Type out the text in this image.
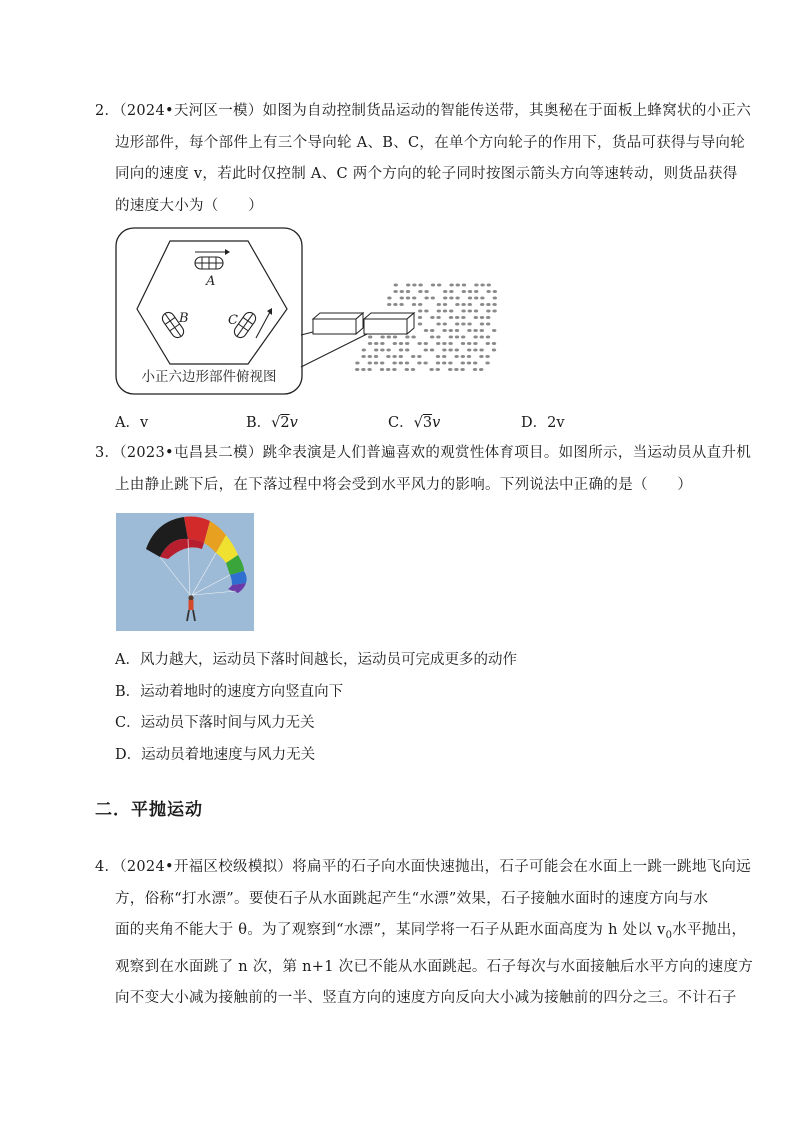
2．（2024•天河区一模）如图为自动控制货品运动的智能传送带，其奥秘在于面板上蜂窝状的小正六
边形部件，每个部件上有三个导向轮 A、B、C，在单个方向轮子的作用下，货品可获得与导向轮
同向的速度 v，若此时仅控制 A、C 两个方向的轮子同时按图示箭头方向等速转动，则货品获得
的速度大小为（　　）
A
B	C
小正六边形部件俯视图
A．v	B．√2v	C．√3v	D．2v
3．（2023•屯昌县二模）跳伞表演是人们普遍喜欢的观赏性体育项目。如图所示，当运动员从直升机
上由静止跳下后，在下落过程中将会受到水平风力的影响。下列说法中正确的是（　　）
A．风力越大，运动员下落时间越长，运动员可完成更多的动作
B．运动着地时的速度方向竖直向下
C．运动员下落时间与风力无关
D．运动员着地速度与风力无关
二．平抛运动
4．（2024•开福区校级模拟）将扁平的石子向水面快速抛出，石子可能会在水面上一跳一跳地飞向远
方，俗称“打水漂”。要使石子从水面跳起产生“水漂”效果，石子接触水面时的速度方向与水
面的夹角不能大于 θ。为了观察到“水漂”，某同学将一石子从距水面高度为 h 处以 $v_0$水平抛出，
观察到在水面跳了 n 次，第 n+1 次已不能从水面跳起。石子每次与水面接触后水平方向的速度方
向不变大小减为接触前的一半、竖直方向的速度方向反向大小减为接触前的四分之三。不计石子
